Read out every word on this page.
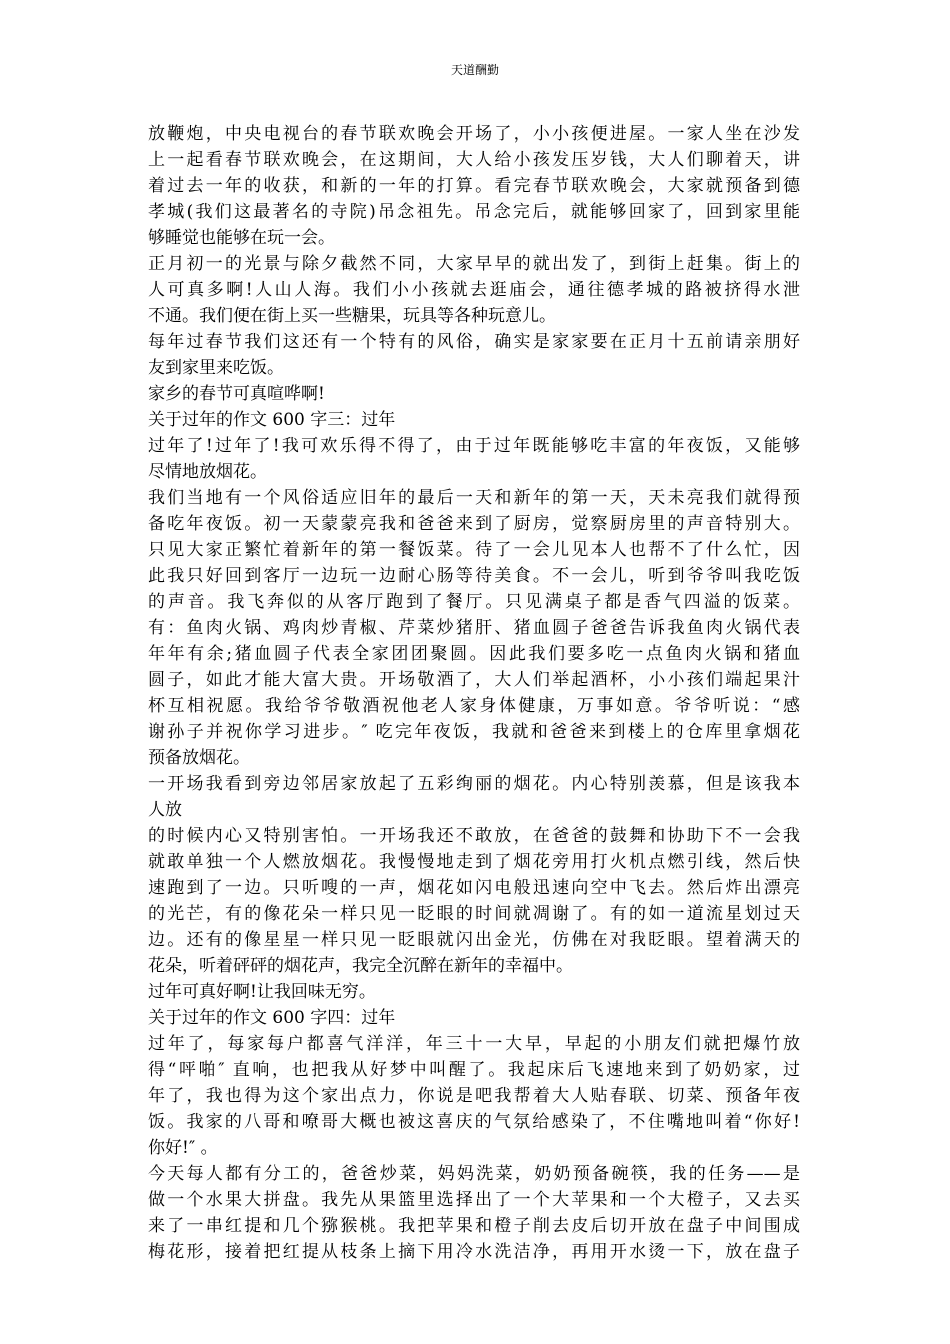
天道酬勤
放鞭炮，中央电视台的春节联欢晚会开场了，小小孩便进屋。一家人坐在沙发
上一起看春节联欢晚会，在这期间，大人给小孩发压岁钱，大人们聊着天，讲
着过去一年的收获，和新的一年的打算。看完春节联欢晚会，大家就预备到德
孝城(我们这最著名的寺院)吊念祖先。吊念完后，就能够回家了，回到家里能
够睡觉也能够在玩一会。
正月初一的光景与除夕截然不同，大家早早的就出发了，到街上赶集。街上的
人可真多啊!人山人海。我们小小孩就去逛庙会，通往德孝城的路被挤得水泄
不通。我们便在街上买一些糖果，玩具等各种玩意儿。
每年过春节我们这还有一个特有的风俗，确实是家家要在正月十五前请亲朋好
友到家里来吃饭。
家乡的春节可真喧哗啊!
关于过年的作文 600 字三：过年
过年了!过年了!我可欢乐得不得了，由于过年既能够吃丰富的年夜饭，又能够
尽情地放烟花。
我们当地有一个风俗适应旧年的最后一天和新年的第一天，天未亮我们就得预
备吃年夜饭。初一天蒙蒙亮我和爸爸来到了厨房，觉察厨房里的声音特别大。
只见大家正繁忙着新年的第一餐饭菜。待了一会儿见本人也帮不了什么忙，因
此我只好回到客厅一边玩一边耐心肠等待美食。不一会儿，听到爷爷叫我吃饭
的声音。我飞奔似的从客厅跑到了餐厅。只见满桌子都是香气四溢的饭菜。
有：鱼肉火锅、鸡肉炒青椒、芹菜炒猪肝、猪血圆子爸爸告诉我鱼肉火锅代表
年年有余;猪血圆子代表全家团团聚圆。因此我们要多吃一点鱼肉火锅和猪血
圆子，如此才能大富大贵。开场敬酒了，大人们举起酒杯，小小孩们端起果汁
杯互相祝愿。我给爷爷敬酒祝他老人家身体健康，万事如意。爷爷听说：“感
谢孙子并祝你学习进步。″ 吃完年夜饭，我就和爸爸来到楼上的仓库里拿烟花
预备放烟花。
一开场我看到旁边邻居家放起了五彩绚丽的烟花。内心特别羡慕，但是该我本
人放
的时候内心又特别害怕。一开场我还不敢放，在爸爸的鼓舞和协助下不一会我
就敢单独一个人燃放烟花。我慢慢地走到了烟花旁用打火机点燃引线，然后快
速跑到了一边。只听嗖的一声，烟花如闪电般迅速向空中飞去。然后炸出漂亮
的光芒，有的像花朵一样只见一眨眼的时间就凋谢了。有的如一道流星划过天
边。还有的像星星一样只见一眨眼就闪出金光，仿佛在对我眨眼。望着满天的
花朵，听着砰砰的烟花声，我完全沉醉在新年的幸福中。
过年可真好啊!让我回味无穷。
关于过年的作文 600 字四：过年
过年了，每家每户都喜气洋洋，年三十一大早，早起的小朋友们就把爆竹放
得“呯啪″ 直响，也把我从好梦中叫醒了。我起床后飞速地来到了奶奶家，过
年了，我也得为这个家出点力，你说是吧我帮着大人贴春联、切菜、预备年夜
饭。我家的八哥和嘹哥大概也被这喜庆的气氛给感染了，不住嘴地叫着“你好!
你好!″ 。
今天每人都有分工的，爸爸炒菜，妈妈洗菜，奶奶预备碗筷，我的任务——是
做一个水果大拼盘。我先从果篮里选择出了一个大苹果和一个大橙子，又去买
来了一串红提和几个猕猴桃。我把苹果和橙子削去皮后切开放在盘子中间围成
梅花形，接着把红提从枝条上摘下用冷水洗洁净，再用开水烫一下，放在盘子
